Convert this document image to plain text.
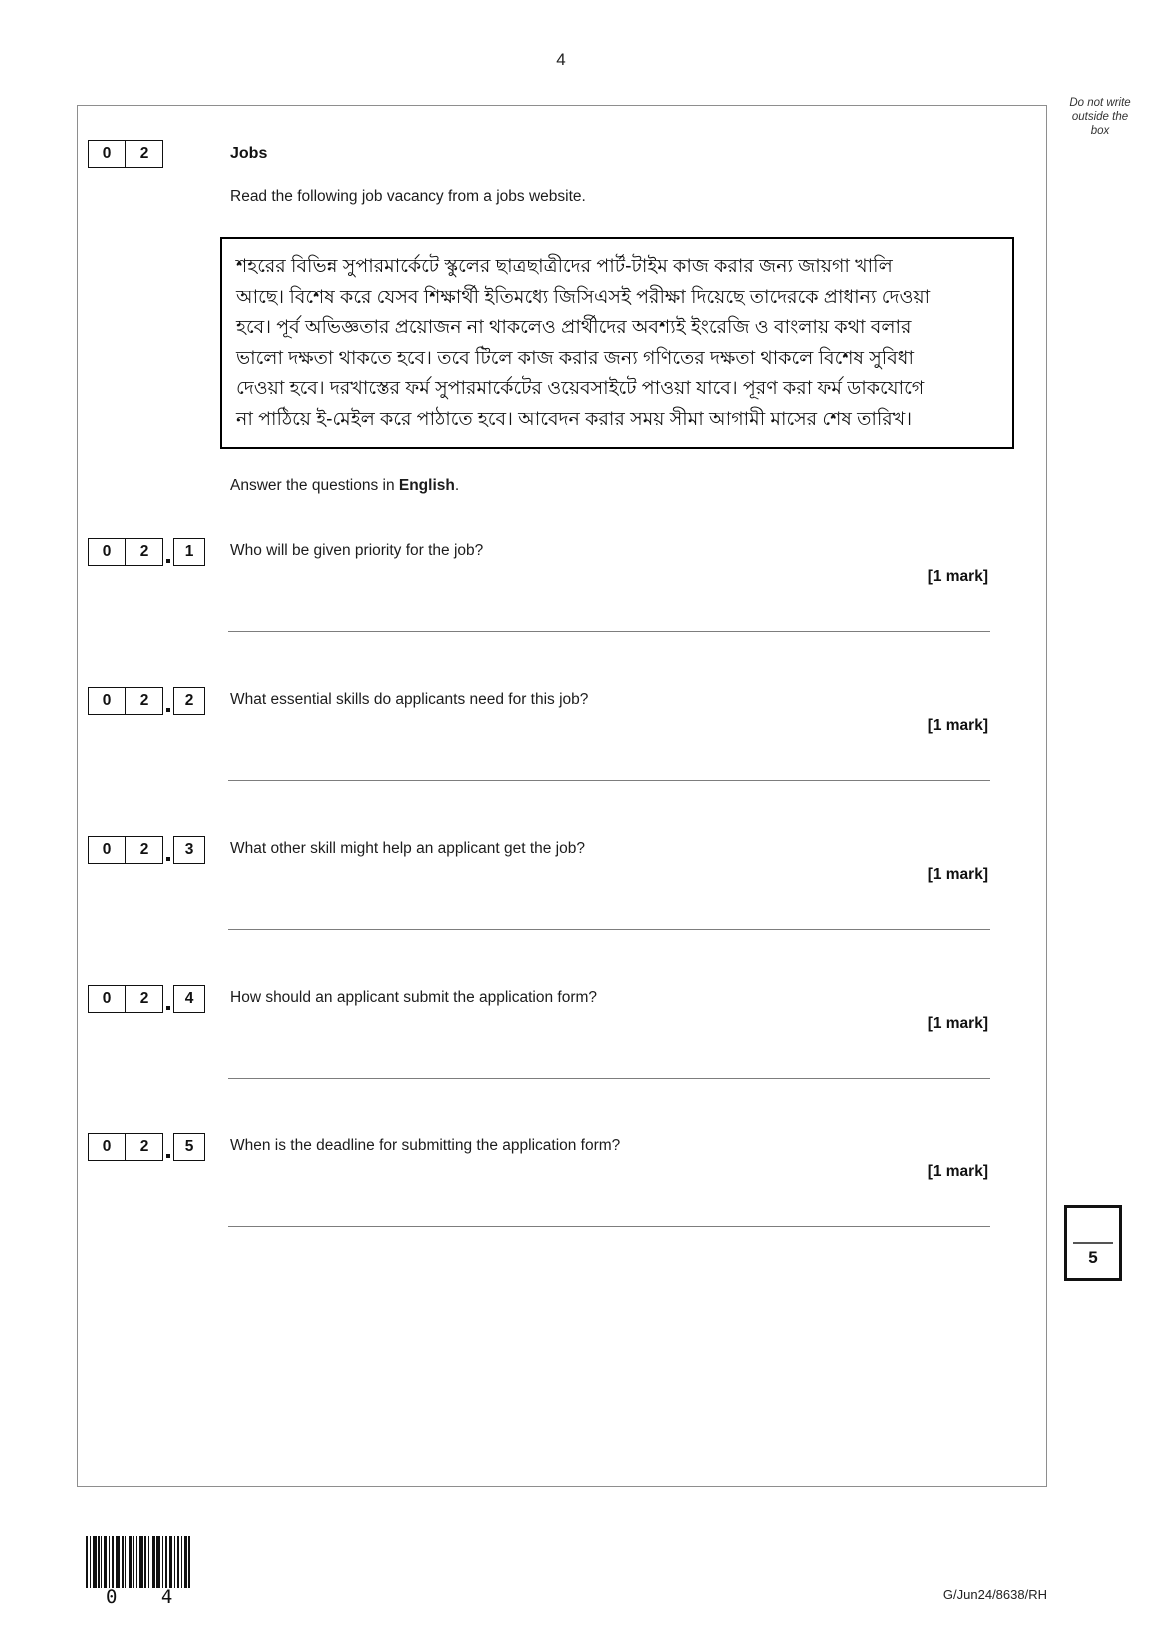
4
Do not write
outside the
box
0	2	Jobs
Read the following job vacancy from a jobs website.
শহরের বিভিন্ন সুপারমার্কেটে স্কুলের ছাত্রছাত্রীদের পার্ট-টাইম কাজ করার জন্য জায়গা খালি
আছে। বিশেষ করে যেসব শিক্ষার্থী ইতিমধ্যে জিসিএসই পরীক্ষা দিয়েছে তাদেরকে প্রাধান্য দেওয়া
হবে। পূর্ব অভিজ্ঞতার প্রয়োজন না থাকলেও প্রার্থীদের অবশ্যই ইংরেজি ও বাংলায় কথা বলার
ভালো দক্ষতা থাকতে হবে। তবে টিলে কাজ করার জন্য গণিতের দক্ষতা থাকলে বিশেষ সুবিধা
দেওয়া হবে। দরখাস্তের ফর্ম সুপারমার্কেটের ওয়েবসাইটে পাওয়া যাবে। পূরণ করা ফর্ম ডাকযোগে
না পাঠিয়ে ই-মেইল করে পাঠাতে হবে। আবেদন করার সময় সীমা আগামী মাসের শেষ তারিখ।
Answer the questions in English.
0	2	1	Who will be given priority for the job?
[1 mark]
0	2	2	What essential skills do applicants need for this job?
[1 mark]
0	2	3	What other skill might help an applicant get the job?
[1 mark]
0	2	4	How should an applicant submit the application form?
[1 mark]
0	2	5	When is the deadline for submitting the application form?
[1 mark]
5
0 4	G/Jun24/8638/RH
